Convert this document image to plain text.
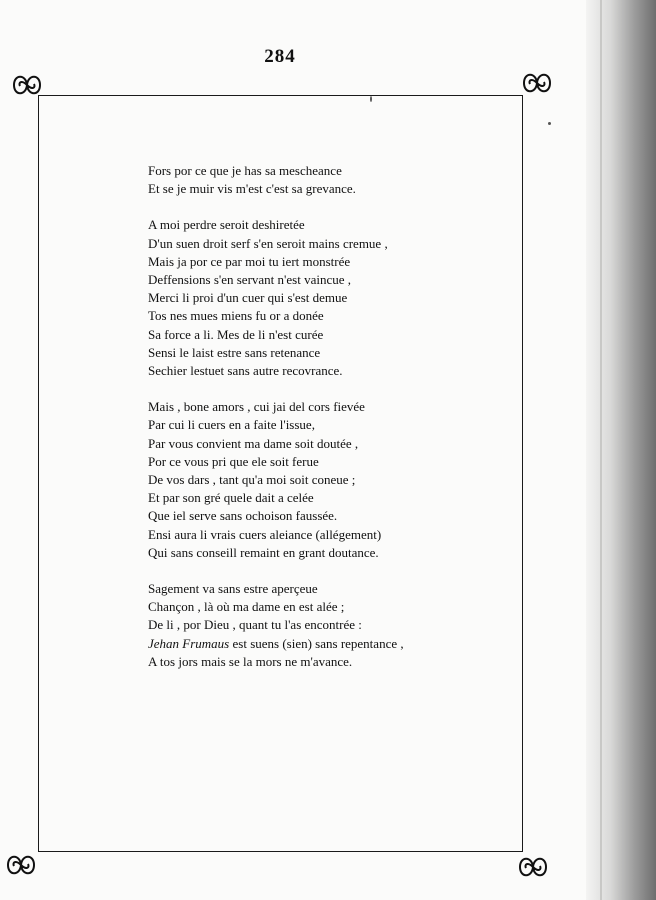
284
Fors por ce que je has sa mescheance
Et se je muir vis m'est c'est sa grevance.
A moi perdre seroit deshiretée
D'un suen droit serf s'en seroit mains cremue ,
Mais ja por ce par moi tu iert monstrée
Deffensions s'en servant n'est vaincue ,
Merci li proi d'un cuer qui s'est demue
Tos nes mues miens fu or a donée
Sa force a li. Mes de li n'est curée
Sensi le laist estre sans retenance
Sechier lestuet sans autre recovrance.
Mais , bone amors , cui jai del cors fievée
Par cui li cuers en a faite l'issue,
Par vous convient ma dame soit doutée ,
Por ce vous pri que ele soit ferue
De vos dars , tant qu'a moi soit coneue ;
Et par son gré quele dait a celée
Que iel serve sans ochoison faussée.
Ensi aura li vrais cuers aleiance (allégement)
Qui sans conseill remaint en grant doutance.
Sagement va sans estre aperçeue
Chançon , là où ma dame en est alée ;
De li , por Dieu , quant tu l'as encontrée :
Jehan Frumaus est suens (sien) sans repentance ,
A tos jors mais se la mors ne m'avance.
